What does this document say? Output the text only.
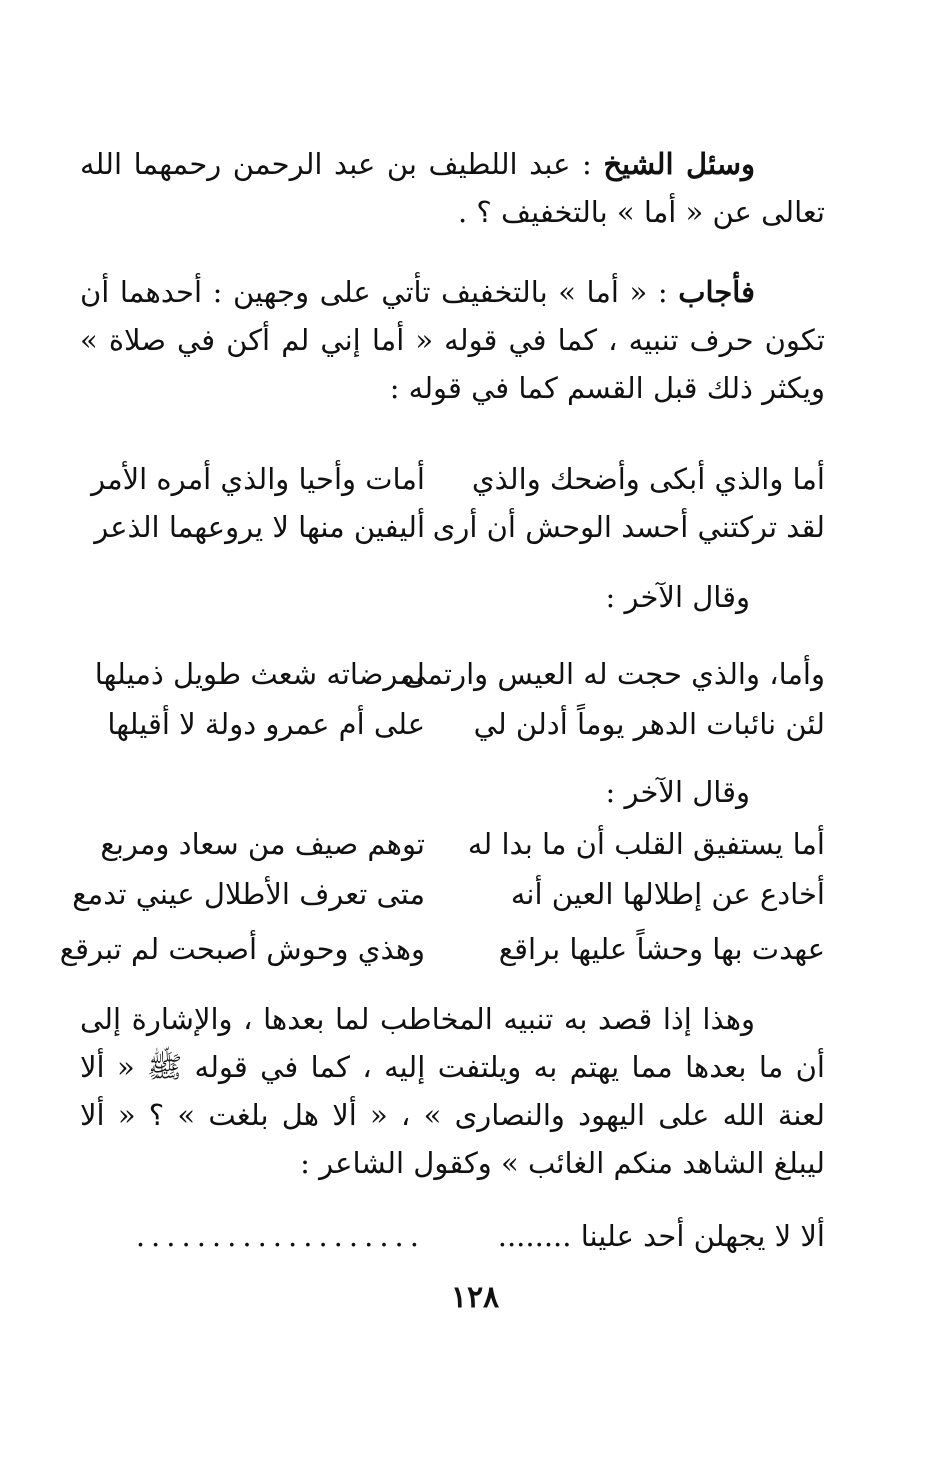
وسئل الشيخ : عبد اللطيف بن عبد الرحمن رحمهما الله تعالى عن « أما » بالتخفيف ؟ .

فأجاب : « أما » بالتخفيف تأتي على وجهين : أحدهما أن تكون حرف تنبيه ، كما في قوله « أما إني لم أكن في صلاة » ويكثر ذلك قبل القسم كما في قوله :

أما والذي أبكى وأضحك والذي
أمات وأحيا والذي أمره الأمر
لقد تركتني أحسد الوحش أن أرى
أليفين منها لا يروعهما الذعر
وقال الآخر :
وأما، والذي حجت له العيس وارتمى
لمرضاته شعث طويل ذميلها
لئن نائبات الدهر يوماً أدلن لي
على أم عمرو دولة لا أقيلها
وقال الآخر :
أما يستفيق القلب أن ما بدا له
توهم صيف من سعاد ومربع
أخادع عن إطلالها العين أنه
متى تعرف الأطلال عيني تدمع
عهدت بها وحشاً عليها براقع
وهذي وحوش أصبحت لم تبرقع

وهذا إذا قصد به تنبيه المخاطب لما بعدها ، والإشارة إلى أن ما بعدها مما يهتم به ويلتفت إليه ، كما في قوله ﷺ « ألا لعنة الله على اليهود والنصارى » ، « ألا هل بلغت » ؟ « ألا ليبلغ الشاهد منكم الغائب » وكقول الشاعر :

ألا لا يجهلن أحد علينا ........
...................
١٢٨
